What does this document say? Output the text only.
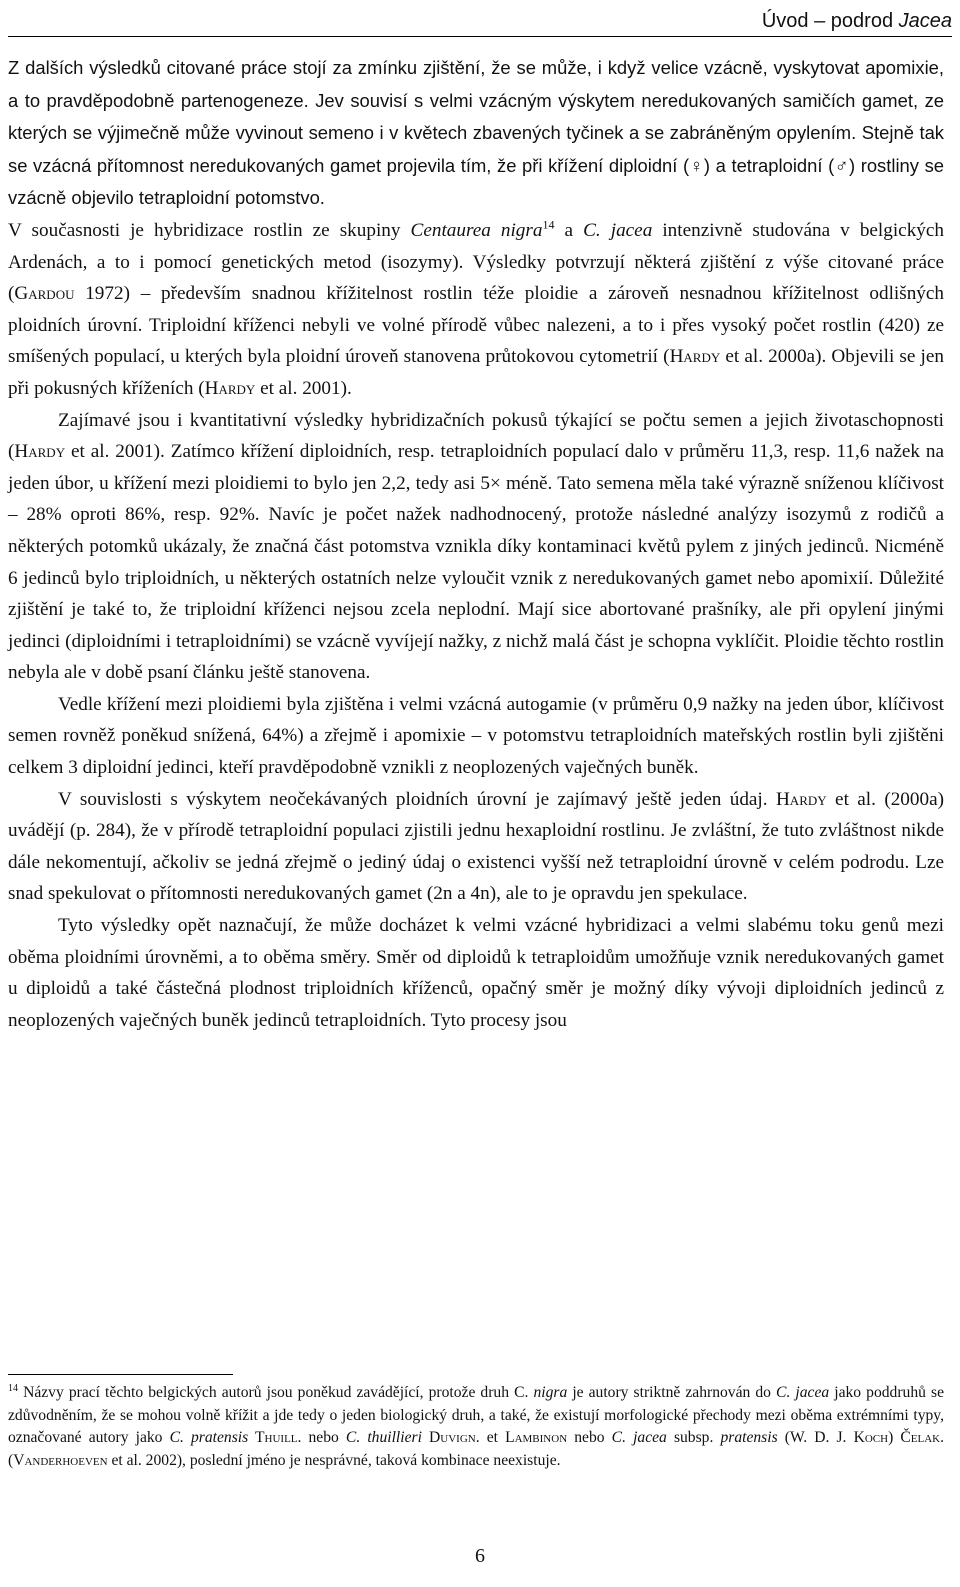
Úvod – podrod Jacea

Z dalších výsledků citované práce stojí za zmínku zjištění, že se může, i když velice vzácně, vyskytovat apomixie, a to pravděpodobně partenogeneze. Jev souvisí s velmi vzácným výskytem neredukovaných samičích gamet, ze kterých se výjimečně může vyvinout semeno i v květech zbavených tyčinek a se zabráněným opylením. Stejně tak se vzácná přítomnost neredukovaných gamet projevila tím, že při křížení diploidní (♀) a tetraploidní (♂) rostliny se vzácně objevilo tetraploidní potomstvo.
V současnosti je hybridizace rostlin ze skupiny Centaurea nigra$^{14}$ a C. jacea intenzivně studována v belgických Ardenách, a to i pomocí genetických metod (isozymy). Výsledky potvrzují některá zjištění z výše citované práce (Gardou 1972) – především snadnou křížitelnost rostlin téže ploidie a zároveň nesnadnou křížitelnost odlišných ploidních úrovní. Triploidní kříženci nebyli ve volné přírodě vůbec nalezeni, a to i přes vysoký počet rostlin (420) ze smíšených populací, u kterých byla ploidní úroveň stanovena průtokovou cytometrií (Hardy et al. 2000a). Objevili se jen při pokusných kříženích (Hardy et al. 2001).

Zajímavé jsou i kvantitativní výsledky hybridizačních pokusů týkající se počtu semen a jejich životaschopnosti (Hardy et al. 2001). Zatímco křížení diploidních, resp. tetraploidních populací dalo v průměru 11,3, resp. 11,6 nažek na jeden úbor, u křížení mezi ploidiemi to bylo jen 2,2, tedy asi 5× méně. Tato semena měla také výrazně sníženou klíčivost – 28% oproti 86%, resp. 92%. Navíc je počet nažek nadhodnocený, protože následné analýzy isozymů z rodičů a některých potomků ukázaly, že značná část potomstva vznikla díky kontaminaci květů pylem z jiných jedinců. Nicméně 6 jedinců bylo triploidních, u některých ostatních nelze vyloučit vznik z neredukovaných gamet nebo apomixií. Důležité zjištění je také to, že triploidní kříženci nejsou zcela neplodní. Mají sice abortované prašníky, ale při opylení jinými jedinci (diploidními i tetraploidními) se vzácně vyvíjejí nažky, z nichž malá část je schopna vyklíčit. Ploidie těchto rostlin nebyla ale v době psaní článku ještě stanovena.

Vedle křížení mezi ploidiemi byla zjištěna i velmi vzácná autogamie (v průměru 0,9 nažky na jeden úbor, klíčivost semen rovněž poněkud snížená, 64%) a zřejmě i apomixie – v potomstvu tetraploidních mateřských rostlin byli zjištěni celkem 3 diploidní jedinci, kteří pravděpodobně vznikli z neoplozených vaječných buněk.

V souvislosti s výskytem neočekávaných ploidních úrovní je zajímavý ještě jeden údaj. Hardy et al. (2000a) uvádějí (p. 284), že v přírodě tetraploidní populaci zjistili jednu hexaploidní rostlinu. Je zvláštní, že tuto zvláštnost nikde dále nekomentují, ačkoliv se jedná zřejmě o jediný údaj o existenci vyšší než tetraploidní úrovně v celém podrodu. Lze snad spekulovat o přítomnosti neredukovaných gamet (2n a 4n), ale to je opravdu jen spekulace.

Tyto výsledky opět naznačují, že může docházet k velmi vzácné hybridizaci a velmi slabému toku genů mezi oběma ploidními úrovněmi, a to oběma směry. Směr od diploidů k tetraploidům umožňuje vznik neredukovaných gamet u diploidů a také částečná plodnost triploidních kříženců, opačný směr je možný díky vývoji diploidních jedinců z neoplozených vaječných buněk jedinců tetraploidních. Tyto procesy jsou

$^{14}$ Názvy prací těchto belgických autorů jsou poněkud zavádějící, protože druh C. nigra je autory striktně zahrnován do C. jacea jako poddruhů se zdůvodněním, že se mohou volně křížit a jde tedy o jeden biologický druh, a také, že existují morfologické přechody mezi oběma extrémními typy, označované autory jako C. pratensis Thuill. nebo C. thuillieri Duvign. et Lambinon nebo C. jacea subsp. pratensis (W. D. J. Koch) Čelak. (Vanderhoeven et al. 2002), poslední jméno je nesprávné, taková kombinace neexistuje.
6
